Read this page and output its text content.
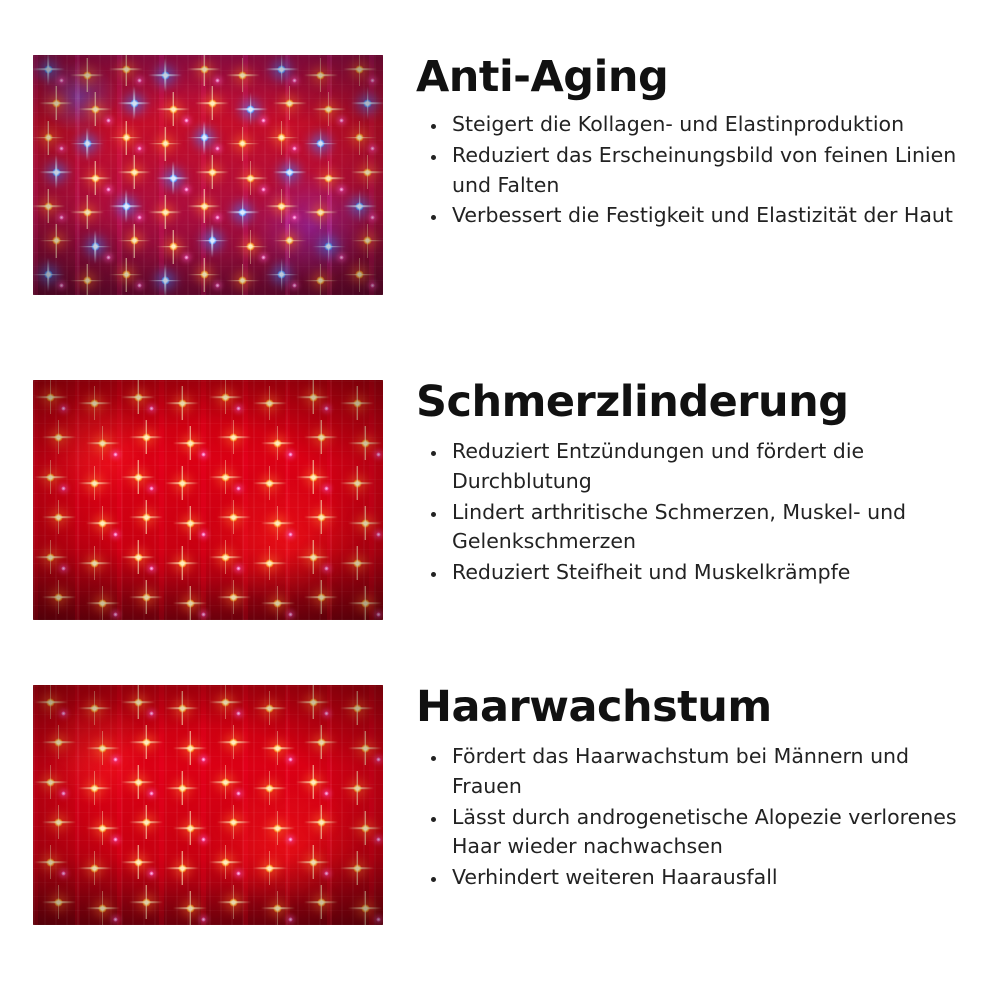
Anti-Aging
• Steigert die Kollagen- und Elastinproduktion
• Reduziert das Erscheinungsbild von feinen Linien und Falten
• Verbessert die Festigkeit und Elastizität der Haut
Schmerzlinderung
• Reduziert Entzündungen und fördert die Durchblutung
• Lindert arthritische Schmerzen, Muskel- und Gelenkschmerzen
• Reduziert Steifheit und Muskelkrämpfe
Haarwachstum
• Fördert das Haarwachstum bei Männern und Frauen
• Lässt durch androgenetische Alopezie verlorenes Haar wieder nachwachsen
• Verhindert weiteren Haarausfall
